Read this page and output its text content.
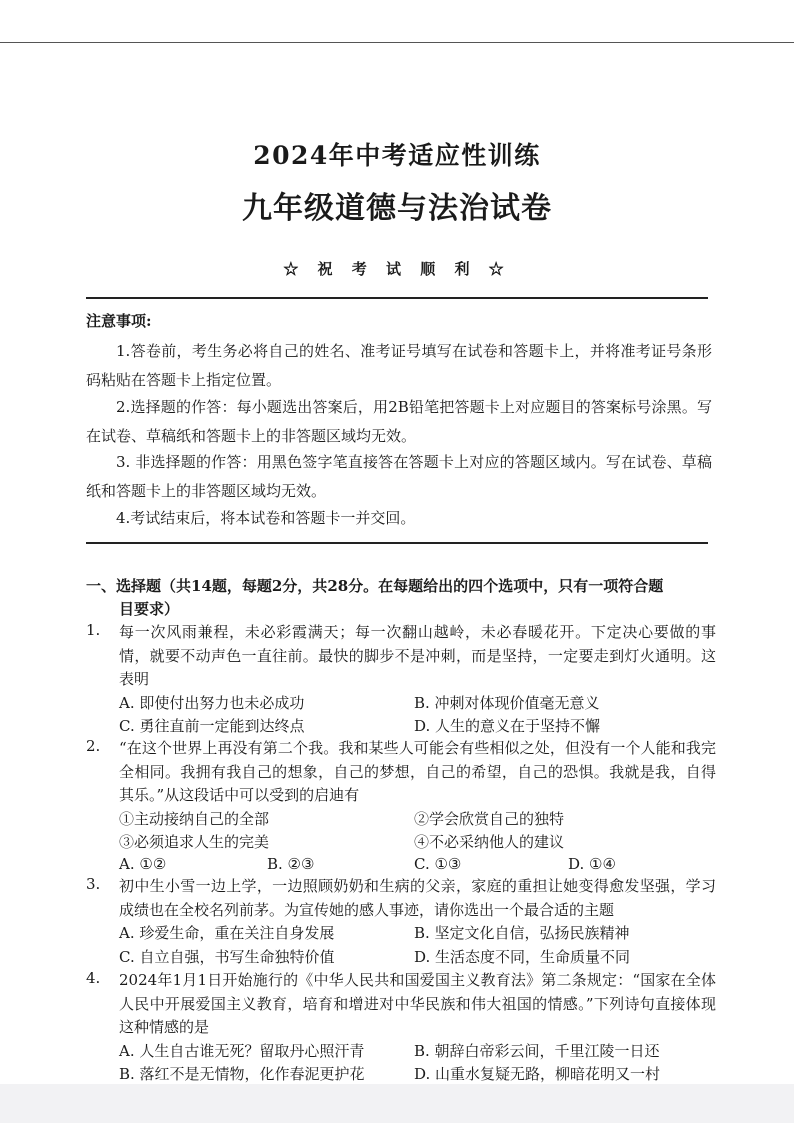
2024年中考适应性训练
九年级道德与法治试卷
☆ 祝 考 试 顺 利 ☆
注意事项:
1.答卷前，考生务必将自己的姓名、准考证号填写在试卷和答题卡上，并将准考证号条形码粘贴在答题卡上指定位置。
2.选择题的作答：每小题选出答案后，用2B铅笔把答题卡上对应题目的答案标号涂黑。写在试卷、草稿纸和答题卡上的非答题区域均无效。
3. 非选择题的作答：用黑色签字笔直接答在答题卡上对应的答题区域内。写在试卷、草稿纸和答题卡上的非答题区域均无效。
4.考试结束后，将本试卷和答题卡一并交回。
一、选择题（共14题，每题2分，共28分。在每题给出的四个选项中，只有一项符合题
目要求）
1. 每一次风雨兼程，未必彩霞满天；每一次翻山越岭，未必春暖花开。下定决心要做的事情，就要不动声色一直往前。最快的脚步不是冲刺，而是坚持，一定要走到灯火通明。这表明
A. 即使付出努力也未必成功	B. 冲刺对体现价值毫无意义
C. 勇往直前一定能到达终点	D. 人生的意义在于坚持不懈
2. “在这个世界上再没有第二个我。我和某些人可能会有些相似之处，但没有一个人能和我完全相同。我拥有我自己的想象，自己的梦想，自己的希望，自己的恐惧。我就是我，自得其乐。”从这段话中可以受到的启迪有
①主动接纳自己的全部	②学会欣赏自己的独特
③必须追求人生的完美	④不必采纳他人的建议
A. ①②	B. ②③	C. ①③	D. ①④
3. 初中生小雪一边上学，一边照顾奶奶和生病的父亲，家庭的重担让她变得愈发坚强，学习成绩也在全校名列前茅。为宣传她的感人事迹，请你选出一个最合适的主题
A. 珍爱生命，重在关注自身发展	B. 坚定文化自信，弘扬民族精神
C. 自立自强，书写生命独特价值	D. 生活态度不同，生命质量不同
4. 2024年1月1日开始施行的《中华人民共和国爱国主义教育法》第二条规定：“国家在全体人民中开展爱国主义教育，培育和增进对中华民族和伟大祖国的情感。”下列诗句直接体现这种情感的是
A. 人生自古谁无死？留取丹心照汗青	B. 朝辞白帝彩云间，千里江陵一日还
B. 落红不是无情物，化作春泥更护花	D. 山重水复疑无路，柳暗花明又一村
